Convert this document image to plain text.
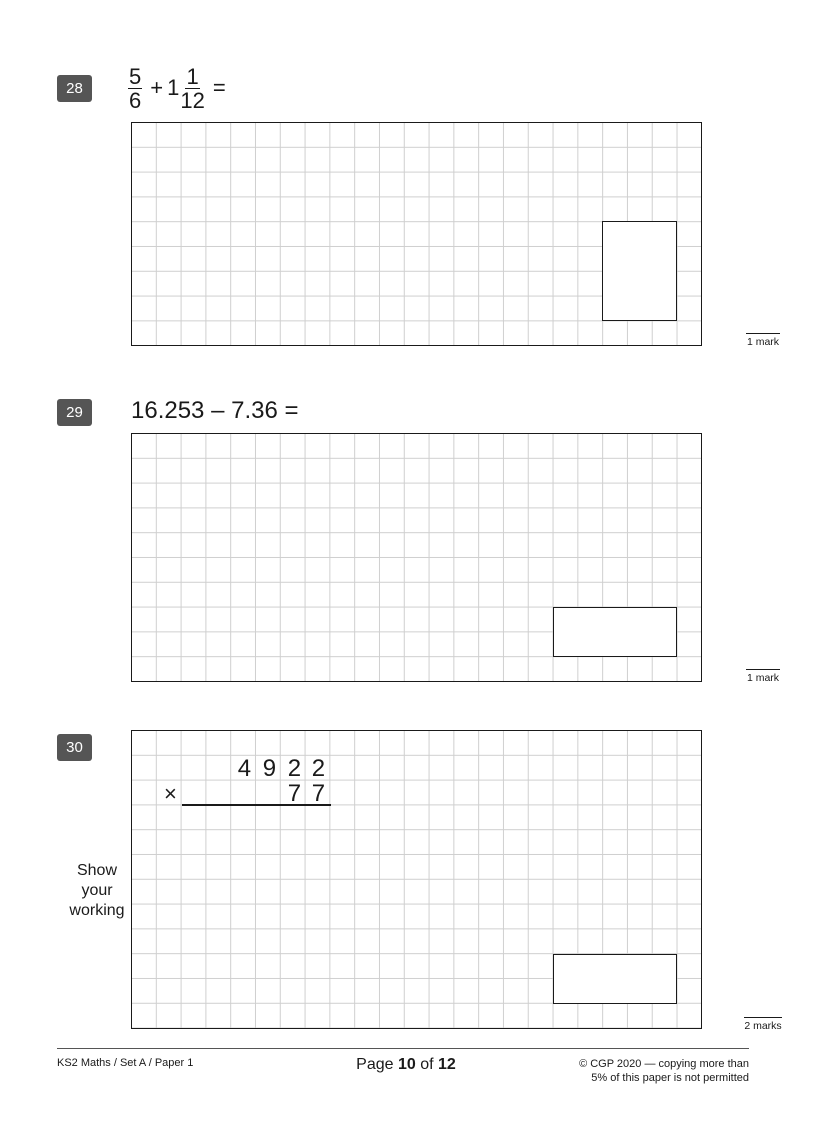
28	$\frac{5}{6} + 1 \frac{1}{12}$ =
1 mark
29	16.253 – 7.36 =
1 mark
30
4 9 2 2
×	7 7
Show
your
working
2 marks
KS2 Maths / Set A / Paper 1	Page 10 of 12	© CGP 2020 — copying more than
5% of this paper is not permitted
